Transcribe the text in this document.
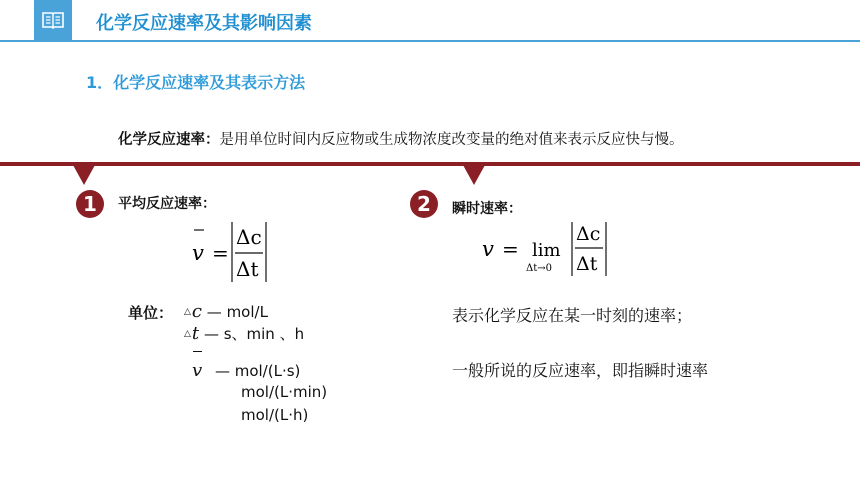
化学反应速率及其影响因素
1．化学反应速率及其表示方法
化学反应速率：是用单位时间内反应物或生成物浓度改变量的绝对值来表示反应快与慢。
1	平均反应速率：
v =
Δc
Δt
单位： △c — mol/L
△t — s、min 、h
v — mol/(L·s)
mol/(L·min)
mol/(L·h)
2	瞬时速率：
v = lim
Δt→0
Δc
Δt
表示化学反应在某一时刻的速率；
一般所说的反应速率，即指瞬时速率
